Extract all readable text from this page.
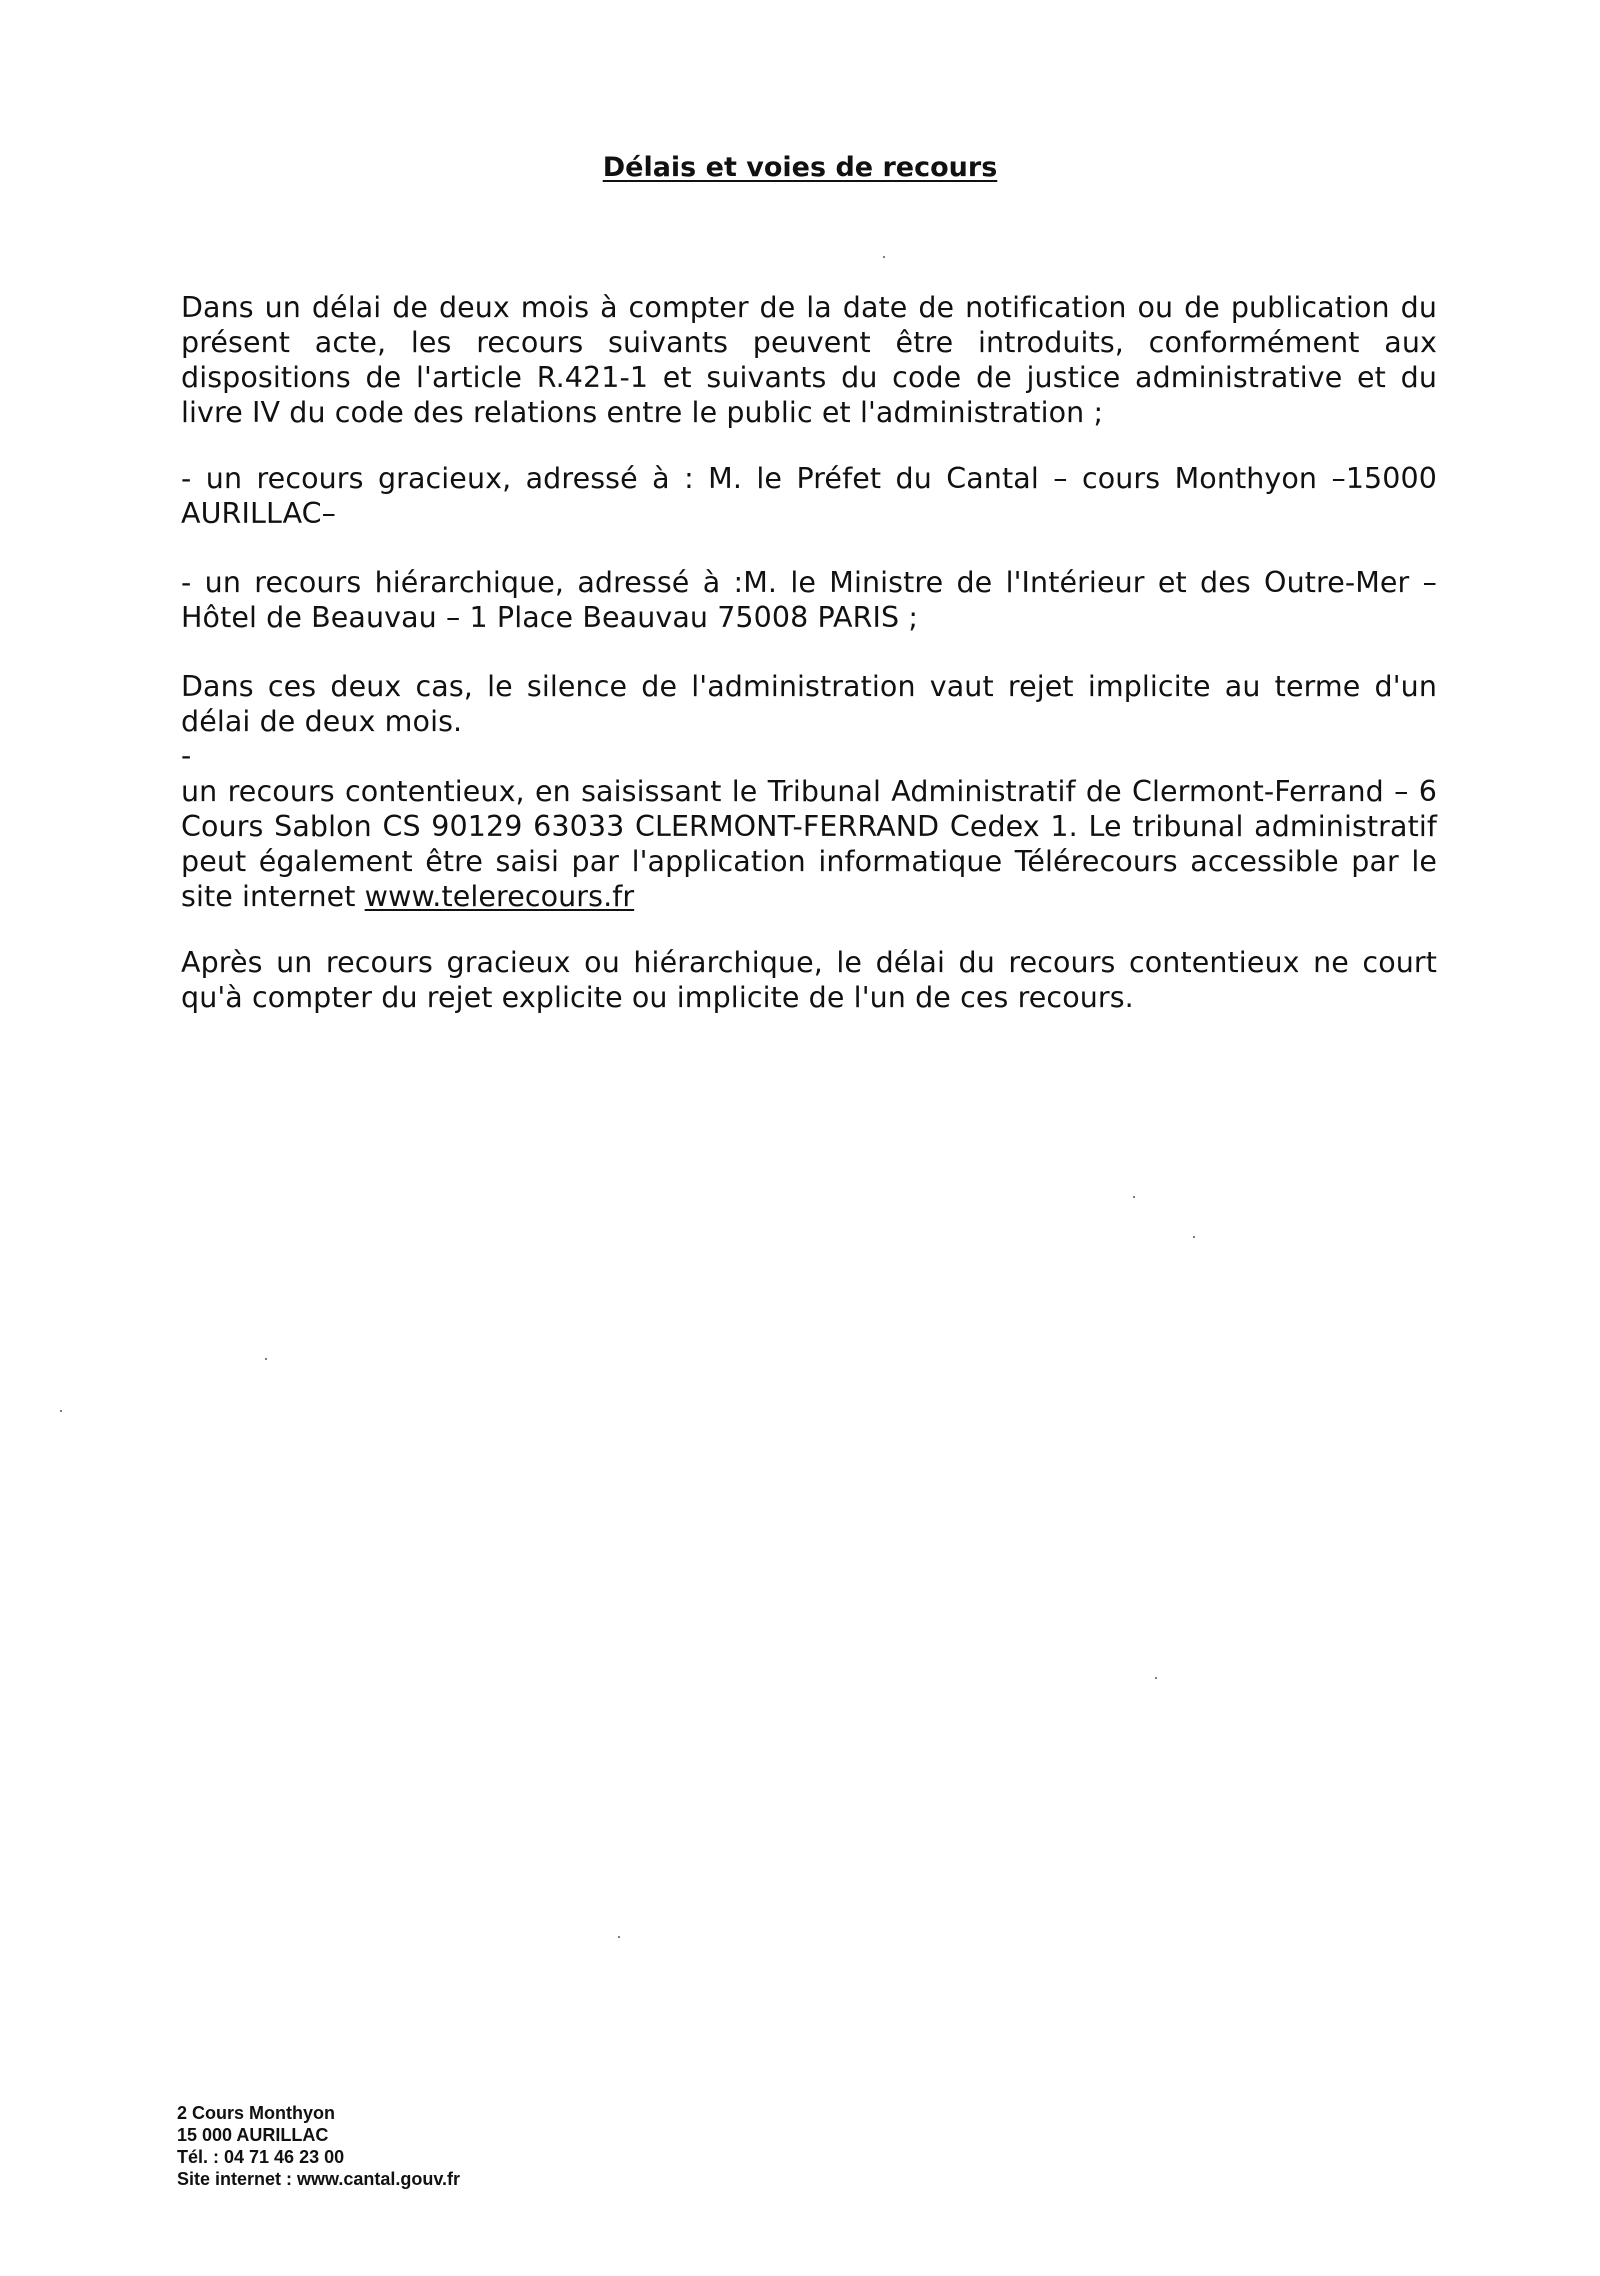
Délais et voies de recours
Dans un délai de deux mois à compter de la date de notification ou de publication du présent acte, les recours suivants peuvent être introduits, conformément aux dispositions de l'article R.421-1 et suivants du code de justice administrative et du livre IV du code des relations entre le public et l'administration ;
- un recours gracieux, adressé à : M. le Préfet du Cantal – cours Monthyon –15000 AURILLAC–
- un recours hiérarchique, adressé à :M. le Ministre de l'Intérieur et des Outre-Mer – Hôtel de Beauvau – 1 Place Beauvau 75008 PARIS ;
Dans ces deux cas, le silence de l'administration vaut rejet implicite au terme d'un délai de deux mois.
-
un recours contentieux, en saisissant le Tribunal Administratif de Clermont-Ferrand – 6 Cours Sablon CS 90129 63033 CLERMONT-FERRAND Cedex 1. Le tribunal administratif peut également être saisi par l'application informatique Télérecours accessible par le site internet www.telerecours.fr
Après un recours gracieux ou hiérarchique, le délai du recours contentieux ne court qu'à compter du rejet explicite ou implicite de l'un de ces recours.
2 Cours Monthyon
15 000 AURILLAC
Tél. : 04 71 46 23 00
Site internet : www.cantal.gouv.fr
